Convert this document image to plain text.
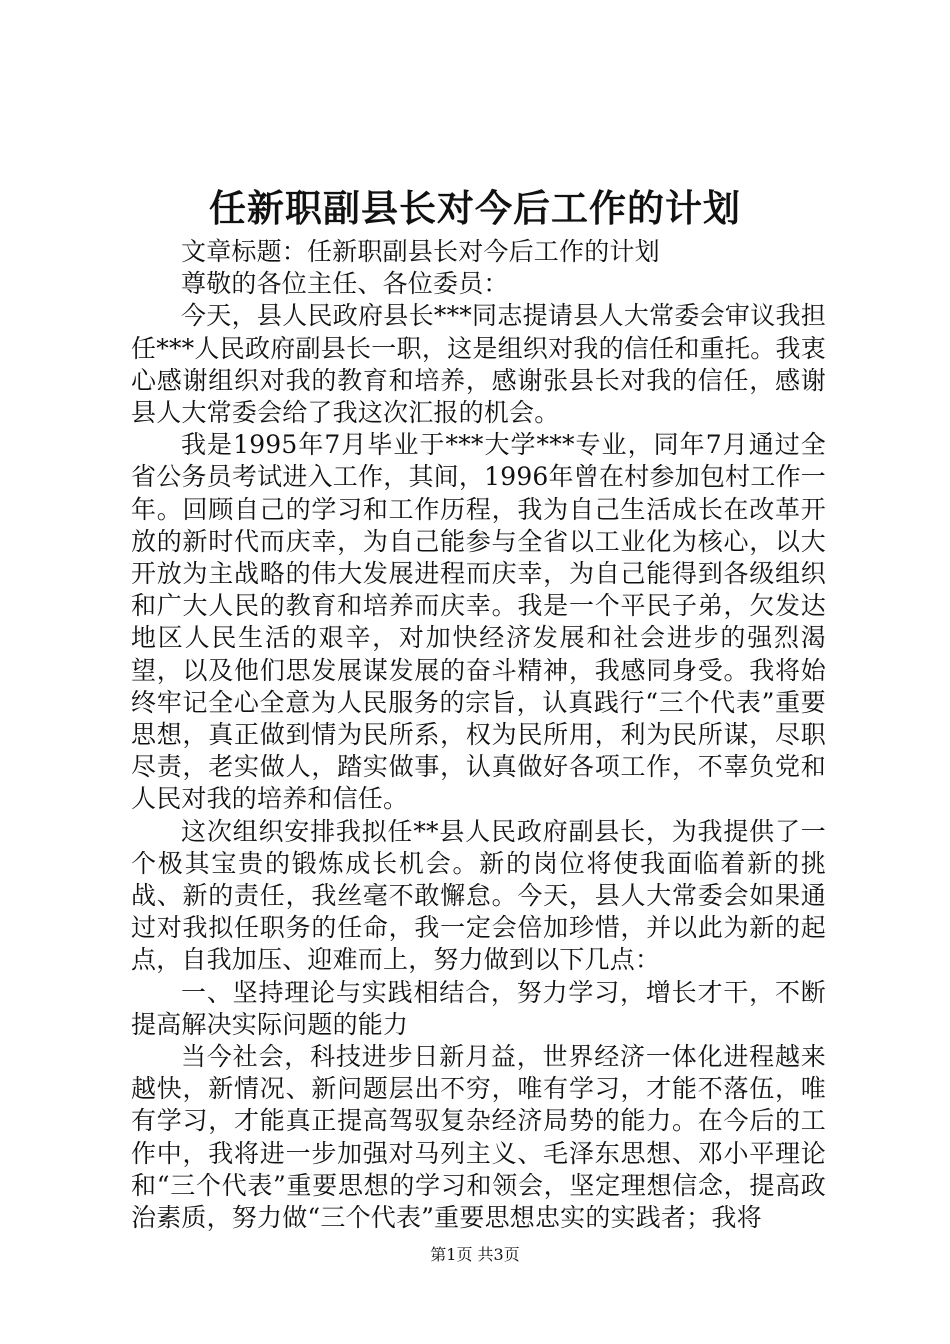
任新职副县长对今后工作的计划

文章标题：任新职副县长对今后工作的计划

尊敬的各位主任、各位委员：

今天，县人民政府县长***同志提请县人大常委会审议我担任***人民政府副县长一职，这是组织对我的信任和重托。我衷心感谢组织对我的教育和培养，感谢张县长对我的信任，感谢县人大常委会给了我这次汇报的机会。

我是1995年7月毕业于***大学***专业，同年7月通过全省公务员考试进入工作，其间，1996年曾在村参加包村工作一年。回顾自己的学习和工作历程，我为自己生活成长在改革开放的新时代而庆幸，为自己能参与全省以工业化为核心，以大开放为主战略的伟大发展进程而庆幸，为自己能得到各级组织和广大人民的教育和培养而庆幸。我是一个平民子弟，欠发达地区人民生活的艰辛，对加快经济发展和社会进步的强烈渴望，以及他们思发展谋发展的奋斗精神，我感同身受。我将始终牢记全心全意为人民服务的宗旨，认真践行“三个代表”重要思想，真正做到情为民所系，权为民所用，利为民所谋，尽职尽责，老实做人，踏实做事，认真做好各项工作，不辜负党和人民对我的培养和信任。

这次组织安排我拟任**县人民政府副县长，为我提供了一个极其宝贵的锻炼成长机会。新的岗位将使我面临着新的挑战、新的责任，我丝毫不敢懈怠。今天，县人大常委会如果通过对我拟任职务的任命，我一定会倍加珍惜，并以此为新的起点，自我加压、迎难而上，努力做到以下几点：

一、坚持理论与实践相结合，努力学习，增长才干，不断提高解决实际问题的能力

当今社会，科技进步日新月益，世界经济一体化进程越来越快，新情况、新问题层出不穷，唯有学习，才能不落伍，唯有学习，才能真正提高驾驭复杂经济局势的能力。在今后的工作中，我将进一步加强对马列主义、毛泽东思想、邓小平理论和“三个代表”重要思想的学习和领会，坚定理想信念，提高政治素质，努力做“三个代表”重要思想忠实的实践者；我将

第1页 共3页
